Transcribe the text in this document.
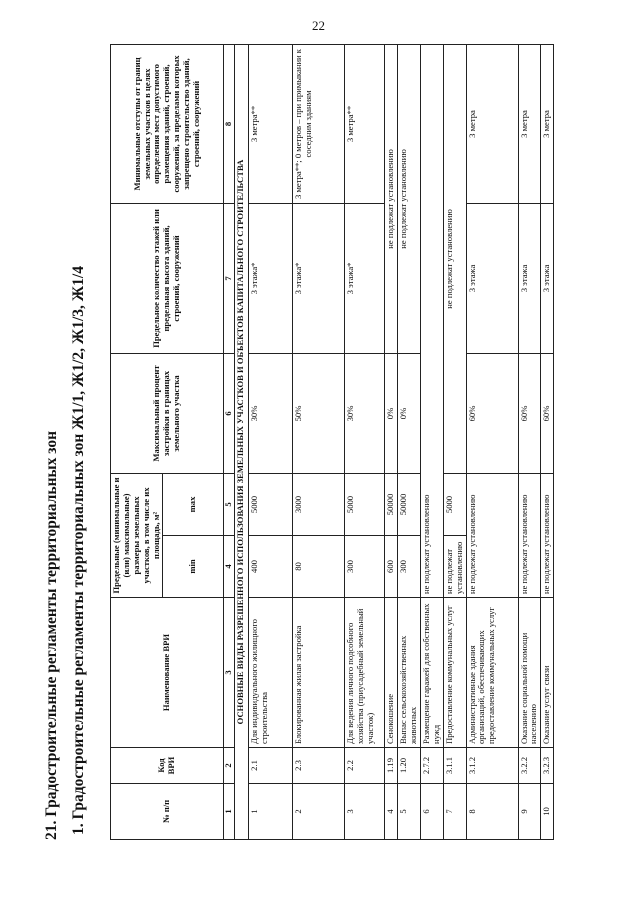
22
21. Градостроительные регламенты территориальных зон 1. Градостроительные регламенты территориальных зон Ж1/1, Ж1/2, Ж1/3, Ж1/4	№ п/п	Код ВРИ	Наименование ВРИ	Предельные (минимальные и (или) максимальные) размеры земельных участков, в том числе их площадь, м²		Максимальный процент застройки в границах земельного участка	Предельное количество этажей или предельная высота зданий, строений, сооружений	Минимальные отступы от границ земельных участков в целях определения мест допустимого размещения зданий, строений, сооружений, за пределами которых запрещено строительство зданий, строений, сооружений
			min	max			
1	2	3	4	5	6	7	8
ОСНОВНЫЕ ВИДЫ РАЗРЕШЕННОГО ИСПОЛЬЗОВАНИЯ ЗЕМЕЛЬНЫХ УЧАСТКОВ И ОБЪЕКТОВ КАПИТАЛЬНОГО СТРОИТЕЛЬСТВА							
1	2.1	Для индивидуального жилищного строительства	400	5000	30%	3 этажа*	3 метра**
2	2.3	Блокированная жилая застройка	80	3000	50%	3 этажа*	3 метра**; 0 метров – при примыкании к соседним зданиям
3	2.2	Для ведения личного подсобного хозяйства (приусадебный земельный участок)	300	5000	30%	3 этажа*	3 метра**
4	1.19	Сенокошение	600	50000	0%	не подлежат установлению	
5	1.20	Выпас сельскохозяйственных животных	300	50000	0%	не подлежат установлению	
6	2.7.2	Размещение гаражей для собственных нужд	не подлежат установлению				
7	3.1.1	Предоставление коммунальных услуг	не подлежат установлению	5000	не подлежат установлению		
8	3.1.2	Административные здания организаций, обеспечивающих предоставление коммунальных услуг	не подлежат установлению		60%	3 этажа	3 метра
9	3.2.2	Оказание социальной помощи населению	не подлежат установлению		60%	3 этажа	3 метра
10	3.2.3	Оказание услуг связи	не подлежат установлению		60%	3 этажа	3 метра
